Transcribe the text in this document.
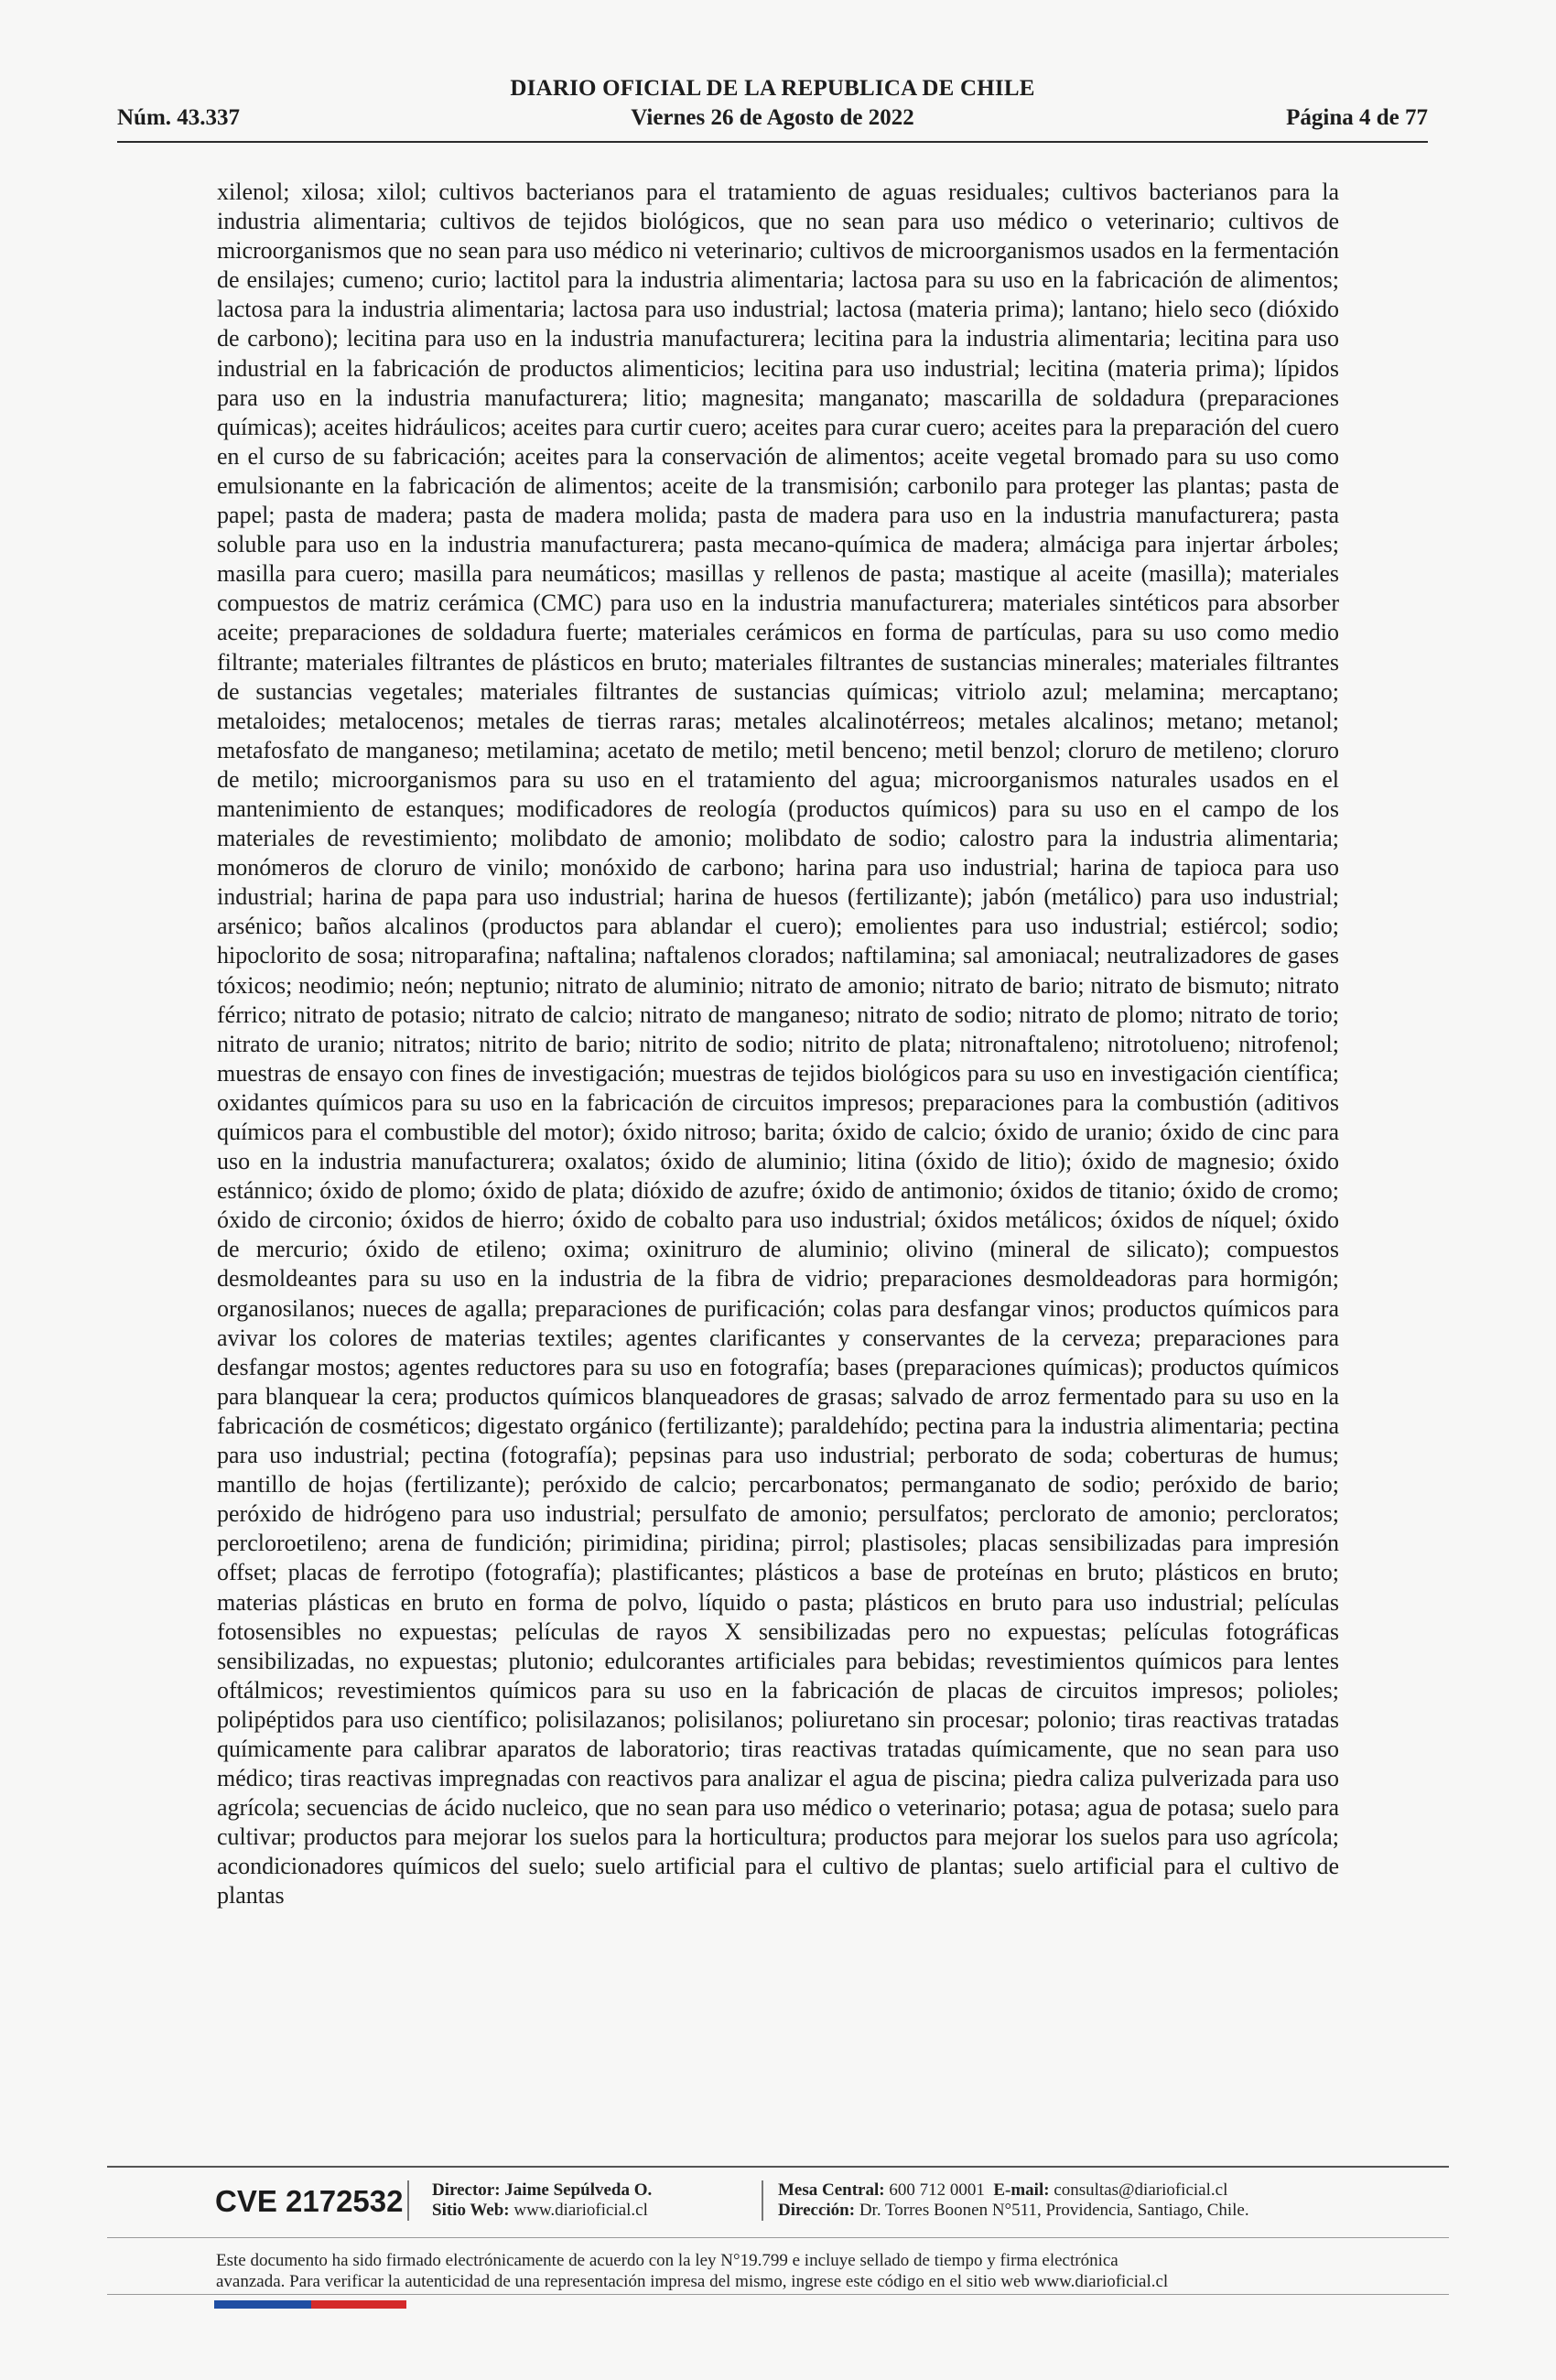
DIARIO OFICIAL DE LA REPUBLICA DE CHILE
Núm. 43.337	Viernes 26 de Agosto de 2022	Página 4 de 77

xilenol; xilosa; xilol; cultivos bacterianos para el tratamiento de aguas residuales; cultivos bacterianos para la industria alimentaria; cultivos de tejidos biológicos, que no sean para uso médico o veterinario; cultivos de microorganismos que no sean para uso médico ni veterinario; cultivos de microorganismos usados en la fermentación de ensilajes; cumeno; curio; lactitol para la industria alimentaria; lactosa para su uso en la fabricación de alimentos; lactosa para la industria alimentaria; lactosa para uso industrial; lactosa (materia prima); lantano; hielo seco (dióxido de carbono); lecitina para uso en la industria manufacturera; lecitina para la industria alimentaria; lecitina para uso industrial en la fabricación de productos alimenticios; lecitina para uso industrial; lecitina (materia prima); lípidos para uso en la industria manufacturera; litio; magnesita; manganato; mascarilla de soldadura (preparaciones químicas); aceites hidráulicos; aceites para curtir cuero; aceites para curar cuero; aceites para la preparación del cuero en el curso de su fabricación; aceites para la conservación de alimentos; aceite vegetal bromado para su uso como emulsionante en la fabricación de alimentos; aceite de la transmisión; carbonilo para proteger las plantas; pasta de papel; pasta de madera; pasta de madera molida; pasta de madera para uso en la industria manufacturera; pasta soluble para uso en la industria manufacturera; pasta mecano-química de madera; almáciga para injertar árboles; masilla para cuero; masilla para neumáticos; masillas y rellenos de pasta; mastique al aceite (masilla); materiales compuestos de matriz cerámica (CMC) para uso en la industria manufacturera; materiales sintéticos para absorber aceite; preparaciones de soldadura fuerte; materiales cerámicos en forma de partículas, para su uso como medio filtrante; materiales filtrantes de plásticos en bruto; materiales filtrantes de sustancias minerales; materiales filtrantes de sustancias vegetales; materiales filtrantes de sustancias químicas; vitriolo azul; melamina; mercaptano; metaloides; metalocenos; metales de tierras raras; metales alcalinotérreos; metales alcalinos; metano; metanol; metafosfato de manganeso; metilamina; acetato de metilo; metil benceno; metil benzol; cloruro de metileno; cloruro de metilo; microorganismos para su uso en el tratamiento del agua; microorganismos naturales usados en el mantenimiento de estanques; modificadores de reología (productos químicos) para su uso en el campo de los materiales de revestimiento; molibdato de amonio; molibdato de sodio; calostro para la industria alimentaria; monómeros de cloruro de vinilo; monóxido de carbono; harina para uso industrial; harina de tapioca para uso industrial; harina de papa para uso industrial; harina de huesos (fertilizante); jabón (metálico) para uso industrial; arsénico; baños alcalinos (productos para ablandar el cuero); emolientes para uso industrial; estiércol; sodio; hipoclorito de sosa; nitroparafina; naftalina; naftalenos clorados; naftilamina; sal amoniacal; neutralizadores de gases tóxicos; neodimio; neón; neptunio; nitrato de aluminio; nitrato de amonio; nitrato de bario; nitrato de bismuto; nitrato férrico; nitrato de potasio; nitrato de calcio; nitrato de manganeso; nitrato de sodio; nitrato de plomo; nitrato de torio; nitrato de uranio; nitratos; nitrito de bario; nitrito de sodio; nitrito de plata; nitronaftaleno; nitrotolueno; nitrofenol; muestras de ensayo con fines de investigación; muestras de tejidos biológicos para su uso en investigación científica; oxidantes químicos para su uso en la fabricación de circuitos impresos; preparaciones para la combustión (aditivos químicos para el combustible del motor); óxido nitroso; barita; óxido de calcio; óxido de uranio; óxido de cinc para uso en la industria manufacturera; oxalatos; óxido de aluminio; litina (óxido de litio); óxido de magnesio; óxido estánnico; óxido de plomo; óxido de plata; dióxido de azufre; óxido de antimonio; óxidos de titanio; óxido de cromo; óxido de circonio; óxidos de hierro; óxido de cobalto para uso industrial; óxidos metálicos; óxidos de níquel; óxido de mercurio; óxido de etileno; oxima; oxinitruro de aluminio; olivino (mineral de silicato); compuestos desmoldeantes para su uso en la industria de la fibra de vidrio; preparaciones desmoldeadoras para hormigón; organosilanos; nueces de agalla; preparaciones de purificación; colas para desfangar vinos; productos químicos para avivar los colores de materias textiles; agentes clarificantes y conservantes de la cerveza; preparaciones para desfangar mostos; agentes reductores para su uso en fotografía; bases (preparaciones químicas); productos químicos para blanquear la cera; productos químicos blanqueadores de grasas; salvado de arroz fermentado para su uso en la fabricación de cosméticos; digestato orgánico (fertilizante); paraldehído; pectina para la industria alimentaria; pectina para uso industrial; pectina (fotografía); pepsinas para uso industrial; perborato de soda; coberturas de humus; mantillo de hojas (fertilizante); peróxido de calcio; percarbonatos; permanganato de sodio; peróxido de bario; peróxido de hidrógeno para uso industrial; persulfato de amonio; persulfatos; perclorato de amonio; percloratos; percloroetileno; arena de fundición; pirimidina; piridina; pirrol; plastisoles; placas sensibilizadas para impresión offset; placas de ferrotipo (fotografía); plastificantes; plásticos a base de proteínas en bruto; plásticos en bruto; materias plásticas en bruto en forma de polvo, líquido o pasta; plásticos en bruto para uso industrial; películas fotosensibles no expuestas; películas de rayos X sensibilizadas pero no expuestas; películas fotográficas sensibilizadas, no expuestas; plutonio; edulcorantes artificiales para bebidas; revestimientos químicos para lentes oftálmicos; revestimientos químicos para su uso en la fabricación de placas de circuitos impresos; polioles; polipéptidos para uso científico; polisilazanos; polisilanos; poliuretano sin procesar; polonio; tiras reactivas tratadas químicamente para calibrar aparatos de laboratorio; tiras reactivas tratadas químicamente, que no sean para uso médico; tiras reactivas impregnadas con reactivos para analizar el agua de piscina; piedra caliza pulverizada para uso agrícola; secuencias de ácido nucleico, que no sean para uso médico o veterinario; potasa; agua de potasa; suelo para cultivar; productos para mejorar los suelos para la horticultura; productos para mejorar los suelos para uso agrícola; acondicionadores químicos del suelo; suelo artificial para el cultivo de plantas; suelo artificial para el cultivo de plantas

CVE 2172532 Director: Jaime Sepúlveda O.
Sitio Web: www.diarioficial.cl
Mesa Central: 600 712 0001 E-mail: consultas@diarioficial.cl
Dirección: Dr. Torres Boonen N°511, Providencia, Santiago, Chile.
Este documento ha sido firmado electrónicamente de acuerdo con la ley N°19.799 e incluye sellado de tiempo y firma electrónica
avanzada. Para verificar la autenticidad de una representación impresa del mismo, ingrese este código en el sitio web www.diarioficial.cl
